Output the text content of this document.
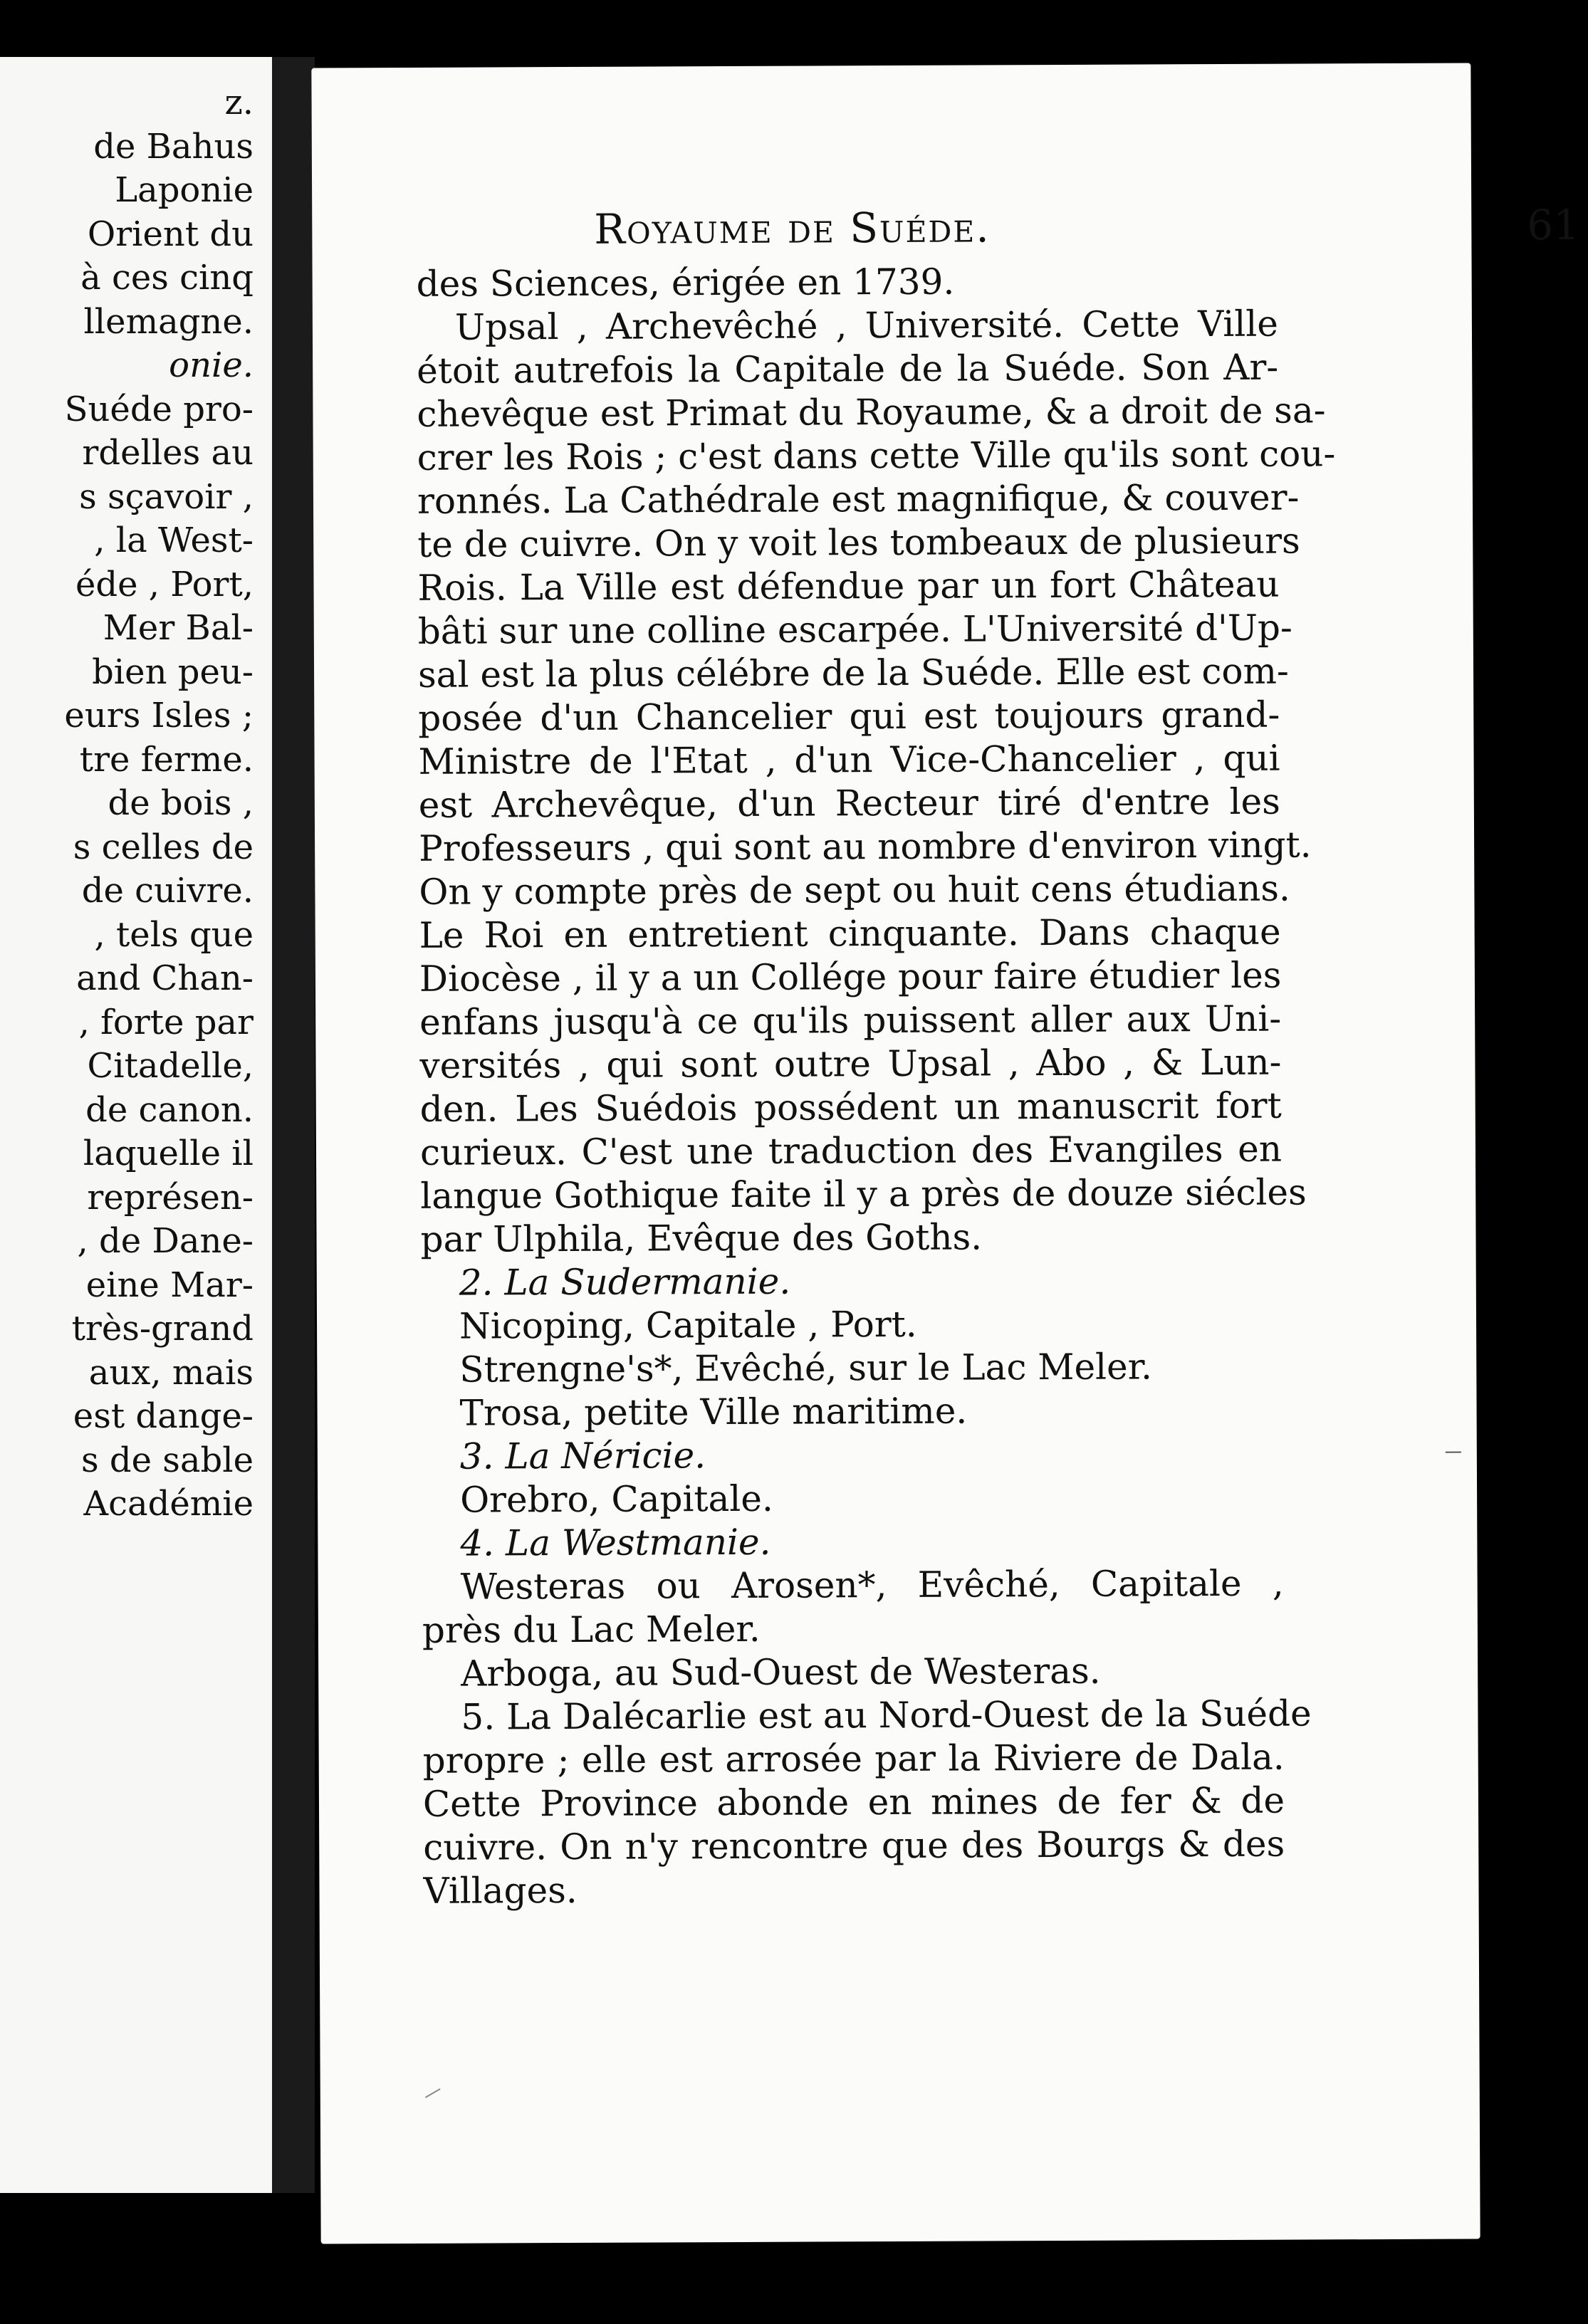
z.

de Bahus

Laponie

Orient du

à ces cinq

llemagne.

onie.

Suéde pro-

rdelles au

s sçavoir ,

, la West-

éde , Port,

Mer Bal-

bien peu-

eurs Isles ;

tre ferme.

de bois ,

s celles de

de cuivre.

, tels que

and Chan-

, forte par

Citadelle,

de canon.

laquelle il

représen-

, de Dane-

eine Mar-

très-grand

aux, mais

est dange-

s de sable

Académie

Royaume de Suéde.	61

des Sciences, érigée en 1739.

Upsal , Archevêché , Université. Cette Ville

étoit autrefois la Capitale de la Suéde. Son Ar-

chevêque est Primat du Royaume, & a droit de sa-

crer les Rois ; c'est dans cette Ville qu'ils sont cou-

ronnés. La Cathédrale est magnifique, & couver-

te de cuivre. On y voit les tombeaux de plusieurs

Rois. La Ville est défendue par un fort Château

bâti sur une colline escarpée. L'Université d'Up-

sal est la plus célébre de la Suéde. Elle est com-

posée d'un Chancelier qui est toujours grand-

Ministre de l'Etat , d'un Vice-Chancelier , qui

est Archevêque, d'un Recteur tiré d'entre les

Professeurs , qui sont au nombre d'environ vingt.

On y compte près de sept ou huit cens étudians.

Le Roi en entretient cinquante. Dans chaque

Diocèse , il y a un Collége pour faire étudier les

enfans jusqu'à ce qu'ils puissent aller aux Uni-

versités , qui sont outre Upsal , Abo , & Lun-

den. Les Suédois possédent un manuscrit fort

curieux. C'est une traduction des Evangiles en

langue Gothique faite il y a près de douze siécles

par Ulphila, Evêque des Goths.

2. La Sudermanie.

Nicoping, Capitale , Port.

Strengne's*, Evêché, sur le Lac Meler.

Trosa, petite Ville maritime.

3. La Néricie.

Orebro, Capitale.

4. La Westmanie.

Westeras ou Arosen*, Evêché, Capitale ,

près du Lac Meler.

Arboga, au Sud-Ouest de Westeras.

5. La Dalécarlie est au Nord-Ouest de la Suéde

propre ; elle est arrosée par la Riviere de Dala.

Cette Province abonde en mines de fer & de

cuivre. On n'y rencontre que des Bourgs & des

Villages.
